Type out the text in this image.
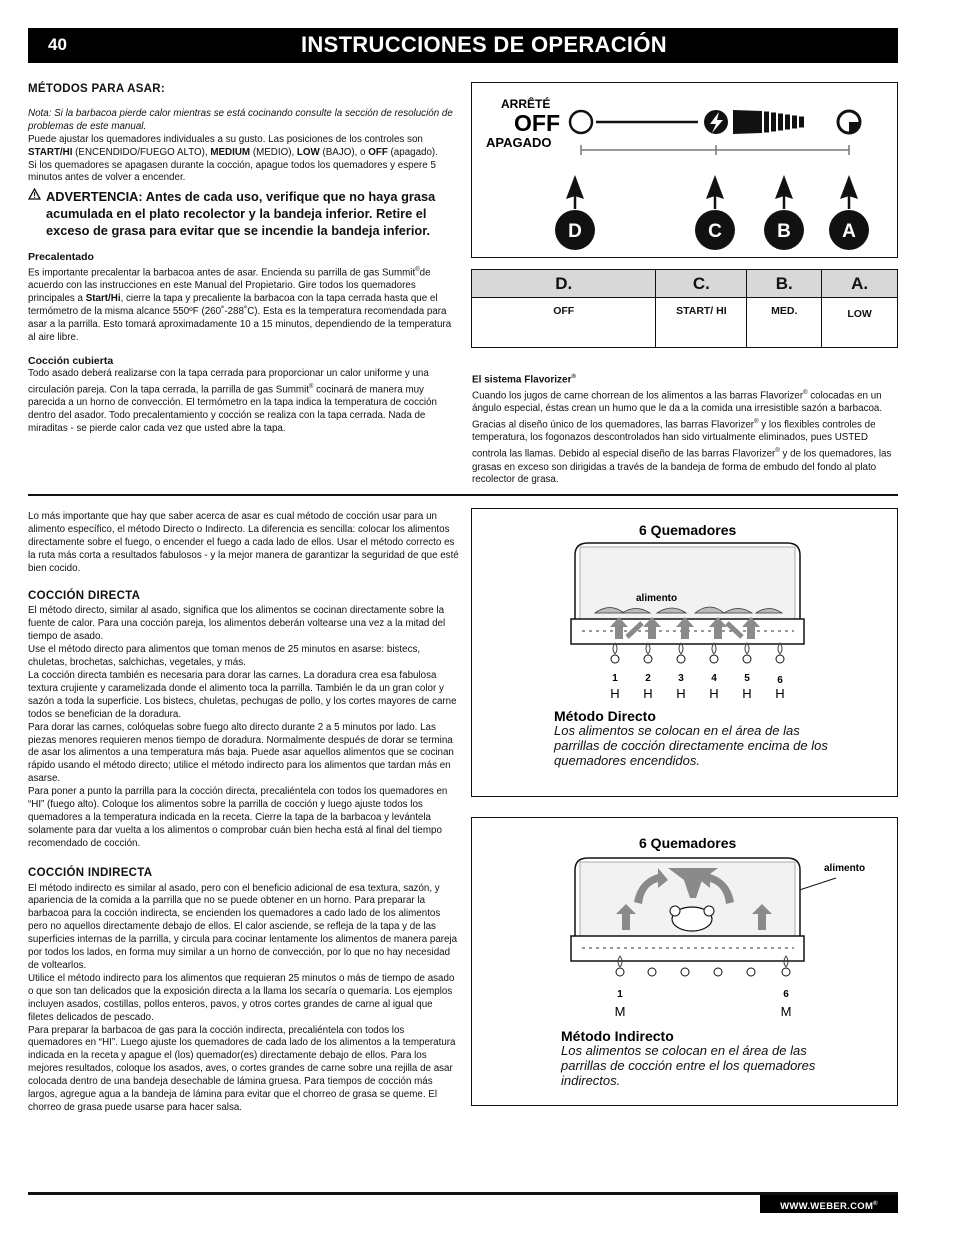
40	INSTRUCCIONES DE OPERACIÓN

MÉTODOS PARA ASAR:

Nota: Si la barbacoa pierde calor mientras se está cocinando consulte la sección de resolución de problemas de este manual.

Puede ajustar los quemadores individuales a su gusto. Las posiciones de los controles son START/HI (ENCENDIDO/FUEGO ALTO), MEDIUM (MEDIO), LOW (BAJO), o OFF (apagado).

Si los quemadores se apagasen durante la cocción, apague todos los quemadores y espere 5 minutos antes de volver a encender.

ADVERTENCIA: Antes de cada uso, verifique que no haya grasa acumulada en el plato recolector y la bandeja inferior. Retire el exceso de grasa para evitar que se incendie la bandeja inferior.

Precalentado

Es importante precalentar la barbacoa antes de asar. Encienda su parrilla de gas Summit®de acuerdo con las instrucciones en este Manual del Propietario. Gire todos los quemadores principales a Start/Hi, cierre la tapa y precaliente la barbacoa con la tapa cerrada hasta que el termómetro de la misma alcance 550ºF (260˚-288˚C). Esta es la temperatura recomendada para asar a la parrilla. Esto tomará aproximadamente 10 a 15 minutos, dependiendo de la temperatura al aire libre.

Cocción cubierta

Todo asado deberá realizarse con la tapa cerrada para proporcionar un calor uniforme y una circulación pareja. Con la tapa cerrada, la parrilla de gas Summit® cocinará de manera muy parecida a un horno de convección. El termómetro en la tapa indica la temperatura de cocción dentro del asador. Todo precalentamiento y cocción se realiza con la tapa cerrada. Nada de miraditas - se pierde calor cada vez que usted abre la tapa.

ARRÊTÉ
OFF
APAGADO
D	C	B	A
D.	C.	B.	A.
OFF	START/ HI	MED.	LOW

El sistema Flavorizer®

Cuando los jugos de carne chorrean de los alimentos a las barras Flavorizer® colocadas en un ángulo especial, éstas crean un humo que le da a la comida una irresistible sazón a barbacoa. Gracias al diseño único de los quemadores, las barras Flavorizer® y los flexibles controles de temperatura, los fogonazos descontrolados han sido virtualmente eliminados, pues USTED controla las llamas. Debido al especial diseño de las barras Flavorizer® y de los quemadores, las grasas en exceso son dirigidas a través de la bandeja de forma de embudo del fondo al plato recolector de grasa.

Lo más importante que hay que saber acerca de asar es cual método de cocción usar para un alimento específico, el método Directo o Indirecto. La diferencia es sencilla: colocar los alimentos directamente sobre el fuego, o encender el fuego a cada lado de ellos. Usar el método correcto es la ruta más corta a resultados fabulosos - y la mejor manera de garantizar la seguridad de que esté bien cocido.

COCCIÓN DIRECTA

El método directo, similar al asado, significa que los alimentos se cocinan directamente sobre la fuente de calor. Para una cocción pareja, los alimentos deberán voltearse una vez a la mitad del tiempo de asado.

Use el método directo para alimentos que toman menos de 25 minutos en asarse: bistecs, chuletas, brochetas, salchichas, vegetales, y más.

La cocción directa también es necesaria para dorar las carnes. La doradura crea esa fabulosa textura crujiente y caramelizada donde el alimento toca la parrilla. También le da un gran color y sazón a toda la superficie. Los bistecs, chuletas, pechugas de pollo, y los cortes mayores de carne todos se benefician de la doradura.

Para dorar las carnes, colóquelas sobre fuego alto directo durante 2 a 5 minutos por lado. Las piezas menores requieren menos tiempo de doradura. Normalmente después de dorar se termina de asar los alimentos a una temperatura más baja. Puede asar aquellos alimentos que se cocinan rápido usando el método directo; utilice el método indirecto para los alimentos que tardan más en asarse.

Para poner a punto la parrilla para la cocción directa, precaliéntela con todos los quemadores en “HI” (fuego alto). Coloque los alimentos sobre la parrilla de cocción y luego ajuste todos los quemadores a la temperatura indicada en la receta. Cierre la tapa de la barbacoa y levántela solamente para dar vuelta a los alimentos o comprobar cuán bien hecha está al final del tiempo recomendado de cocción.

COCCIÓN INDIRECTA

El método indirecto es similar al asado, pero con el beneficio adicional de esa textura, sazón, y apariencia de la comida a la parrilla que no se puede obtener en un horno. Para preparar la barbacoa para la cocción indirecta, se encienden los quemadores a cado lado de los alimentos pero no aquellos directamente debajo de ellos. El calor asciende, se refleja de la tapa y de las superficies internas de la parrilla, y circula para cocinar lentamente los alimentos de manera pareja por todos los lados, en forma muy similar a un horno de convección, por lo que no hay necesidad de voltearlos.

Utilice el método indirecto para los alimentos que requieran 25 minutos o más de tiempo de asado o que son tan delicados que la exposición directa a la llama los secaría o quemaría. Los ejemplos incluyen asados, costillas, pollos enteros, pavos, y otros cortes grandes de carne al igual que filetes delicados de pescado.

Para preparar la barbacoa de gas para la cocción indirecta, precaliéntela con todos los quemadores en “HI”. Luego ajuste los quemadores de cada lado de los alimentos a la temperatura indicada en la receta y apague el (los) quemador(es) directamente debajo de ellos. Para los mejores resultados, coloque los asados, aves, o cortes grandes de carne sobre una rejilla de asar colocada dentro de una bandeja desechable de lámina gruesa. Para tiempos de cocción más largos, agregue agua a la bandeja de lámina para evitar que el chorreo de grasa se queme. El chorreo de grasa puede usarse para hacer salsa.

6 Quemadores
alimento
1	2	3	4	5	6
H H H H H H
Método Directo

Los alimentos se colocan en el área de las parrillas de cocción directamente encima de los quemadores encendidos.

6 Quemadores
alimento
1	6
M	M
Método Indirecto

Los alimentos se colocan en el área de las parrillas de cocción entre el los quemadores indirectos.

WWW.WEBER.COM®
